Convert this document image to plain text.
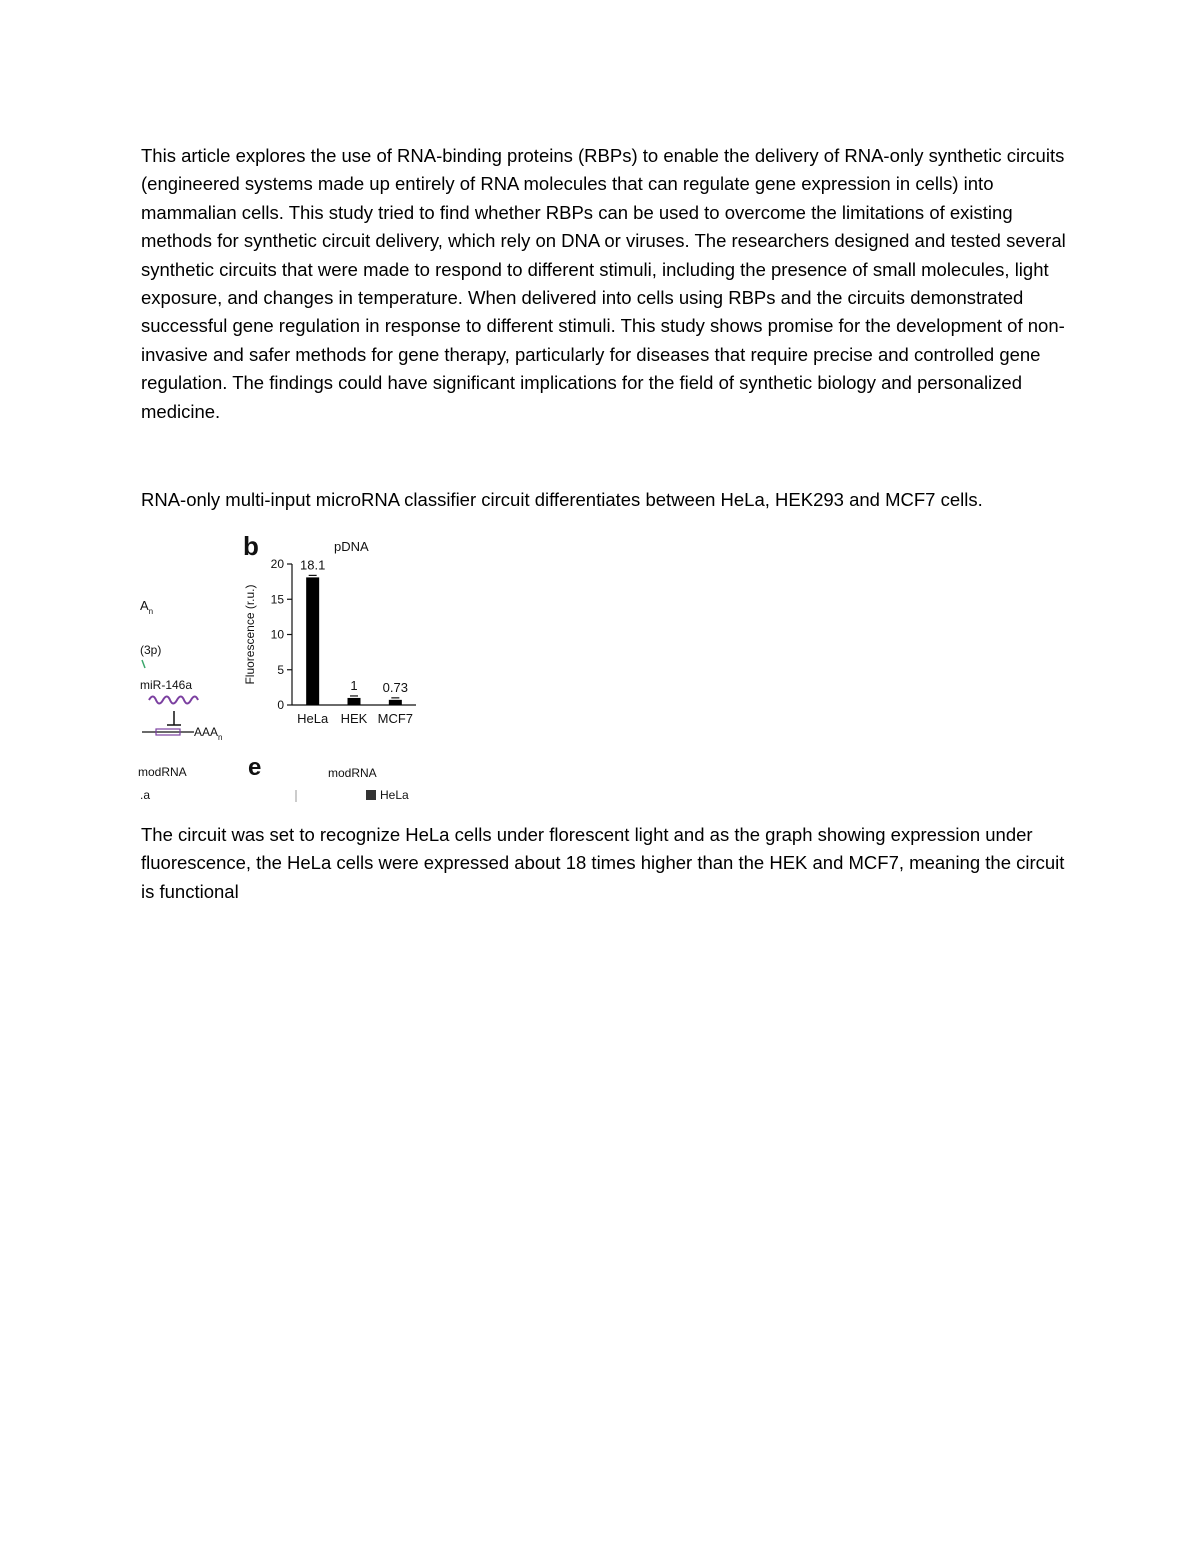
This article explores the use of RNA-binding proteins (RBPs) to enable the delivery of RNA-only synthetic circuits (engineered systems made up entirely of RNA molecules that can regulate gene expression in cells) into mammalian cells. This study tried to find whether RBPs can be used to overcome the limitations of existing methods for synthetic circuit delivery, which rely on DNA or viruses. The researchers designed and tested several synthetic circuits that were made to respond to different stimuli, including the presence of small molecules, light exposure, and changes in temperature. When delivered into cells using RBPs and the circuits demonstrated successful gene regulation in response to different stimuli. This study shows promise for the development of non-invasive and safer methods for gene therapy, particularly for diseases that require precise and controlled gene regulation. The findings could have significant implications for the field of synthetic biology and personalized medicine.

RNA-only multi-input microRNA classifier circuit differentiates between HeLa, HEK293 and MCF7 cells.

$A_n$
(3p)
miR-146a
$AAA_n$
modRNA
.a
b
e
pDNA
Fluorescence (r.u.)
0
5
10
15
20 18.1
HeLa
1
HEK
0.73
MCF7
modRNA
HeLa

The circuit was set to recognize HeLa cells under florescent light and as the graph showing expression under fluorescence, the HeLa cells were expressed about 18 times higher than the HEK and MCF7, meaning the circuit is functional
